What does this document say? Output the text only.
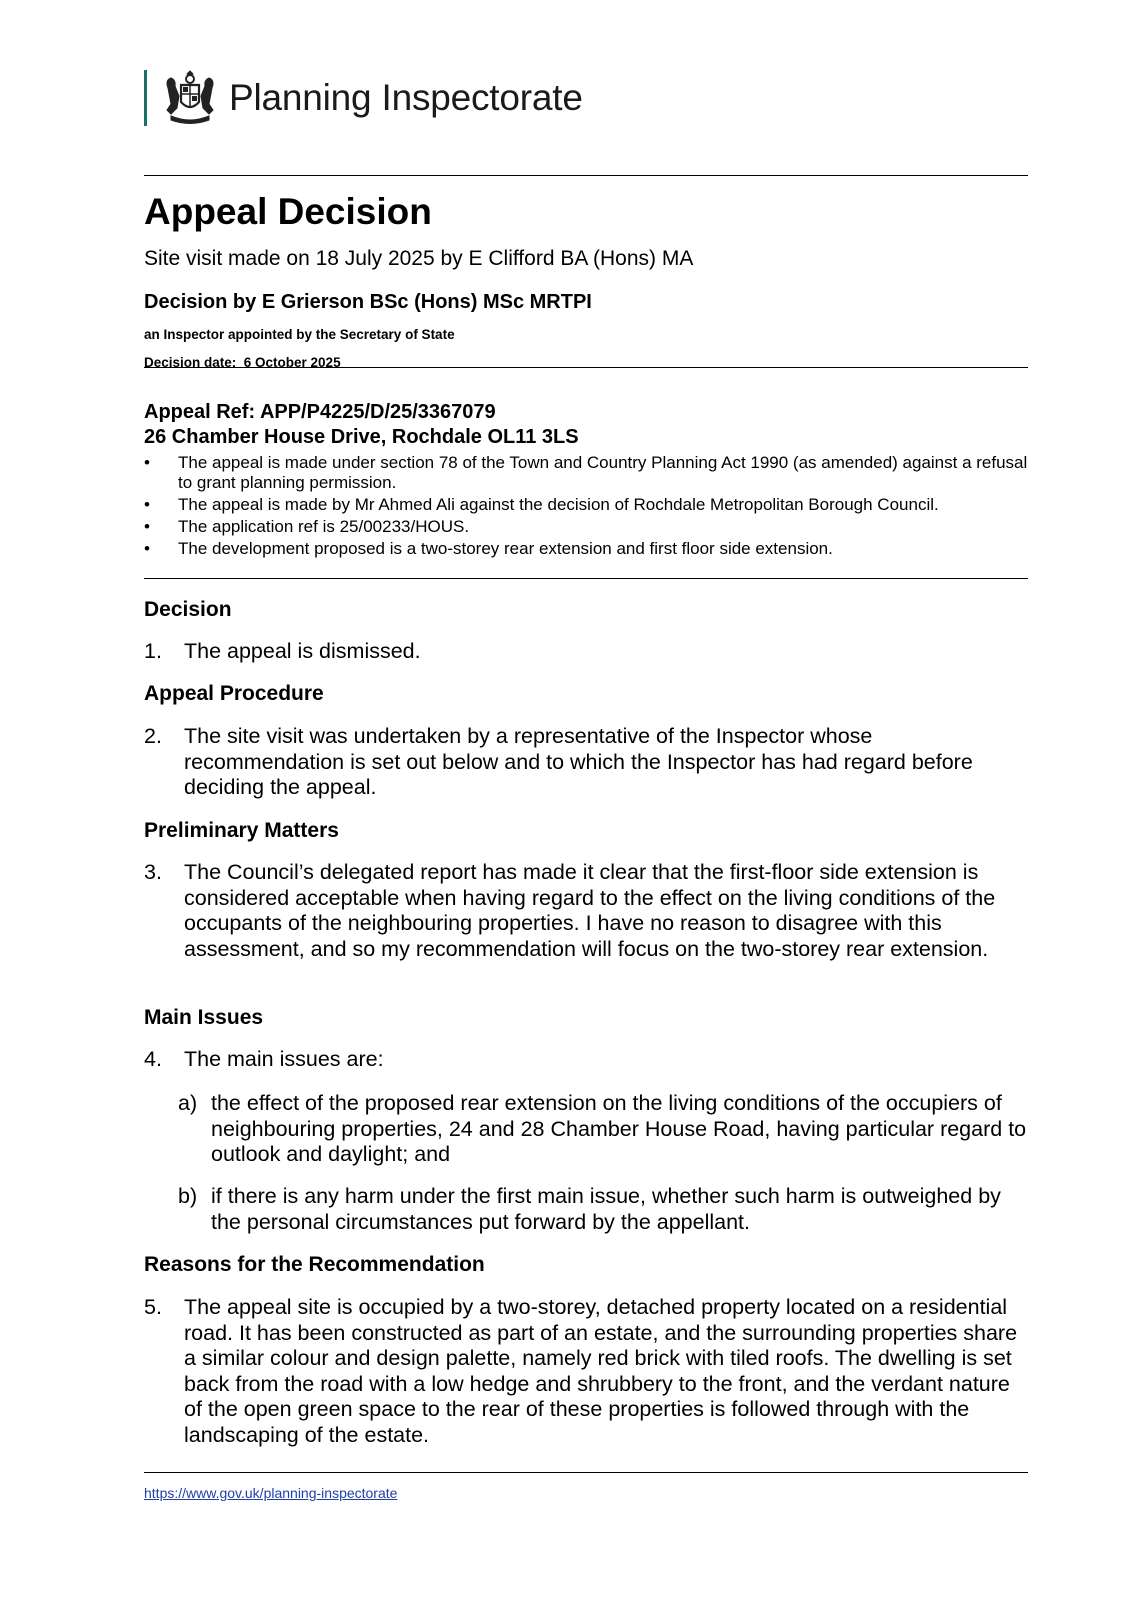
Planning Inspectorate
Appeal Decision
Site visit made on 18 July 2025 by E Clifford BA (Hons) MA
Decision by E Grierson BSc (Hons) MSc MRTPI
an Inspector appointed by the Secretary of State
Decision date:  6 October 2025
Appeal Ref: APP/P4225/D/25/3367079
26 Chamber House Drive, Rochdale OL11 3LS
• The appeal is made under section 78 of the Town and Country Planning Act 1990 (as amended) against a refusal to grant planning permission.
• The appeal is made by Mr Ahmed Ali against the decision of Rochdale Metropolitan Borough Council.
• The application ref is 25/00233/HOUS.
• The development proposed is a two-storey rear extension and first floor side extension.
Decision
1. The appeal is dismissed.
Appeal Procedure
2. The site visit was undertaken by a representative of the Inspector whose recommendation is set out below and to which the Inspector has had regard before deciding the appeal.
Preliminary Matters
3. The Council’s delegated report has made it clear that the first-floor side extension is considered acceptable when having regard to the effect on the living conditions of the occupants of the neighbouring properties. I have no reason to disagree with this assessment, and so my recommendation will focus on the two-storey rear extension.
Main Issues
4. The main issues are:
a) the effect of the proposed rear extension on the living conditions of the occupiers of neighbouring properties, 24 and 28 Chamber House Road, having particular regard to outlook and daylight; and
b) if there is any harm under the first main issue, whether such harm is outweighed by the personal circumstances put forward by the appellant.
Reasons for the Recommendation
5. The appeal site is occupied by a two-storey, detached property located on a residential road. It has been constructed as part of an estate, and the surrounding properties share a similar colour and design palette, namely red brick with tiled roofs. The dwelling is set back from the road with a low hedge and shrubbery to the front, and the verdant nature of the open green space to the rear of these properties is followed through with the landscaping of the estate.
https://www.gov.uk/planning-inspectorate
